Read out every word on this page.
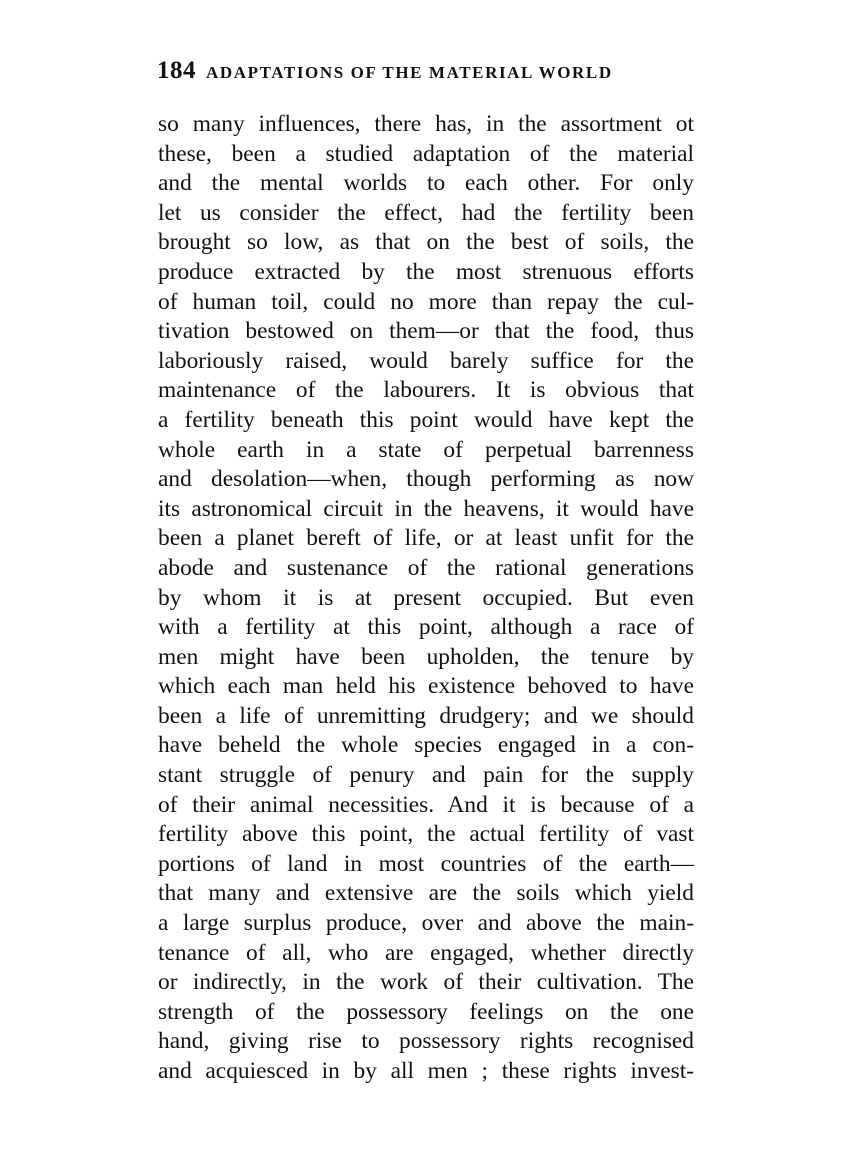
184 ADAPTATIONS OF THE MATERIAL WORLD
so many influences, there has, in the assortment ot
these, been a studied adaptation of the material
and the mental worlds to each other. For only
let us consider the effect, had the fertility been
brought so low, as that on the best of soils, the
produce extracted by the most strenuous efforts
of human toil, could no more than repay the cul-
tivation bestowed on them—or that the food, thus
laboriously raised, would barely suffice for the
maintenance of the labourers. It is obvious that
a fertility beneath this point would have kept the
whole earth in a state of perpetual barrenness
and desolation—when, though performing as now
its astronomical circuit in the heavens, it would have
been a planet bereft of life, or at least unfit for the
abode and sustenance of the rational generations
by whom it is at present occupied. But even
with a fertility at this point, although a race of
men might have been upholden, the tenure by
which each man held his existence behoved to have
been a life of unremitting drudgery; and we should
have beheld the whole species engaged in a con-
stant struggle of penury and pain for the supply
of their animal necessities. And it is because of a
fertility above this point, the actual fertility of vast
portions of land in most countries of the earth—
that many and extensive are the soils which yield
a large surplus produce, over and above the main-
tenance of all, who are engaged, whether directly
or indirectly, in the work of their cultivation. The
strength of the possessory feelings on the one
hand, giving rise to possessory rights recognised
and acquiesced in by all men ; these rights invest-
